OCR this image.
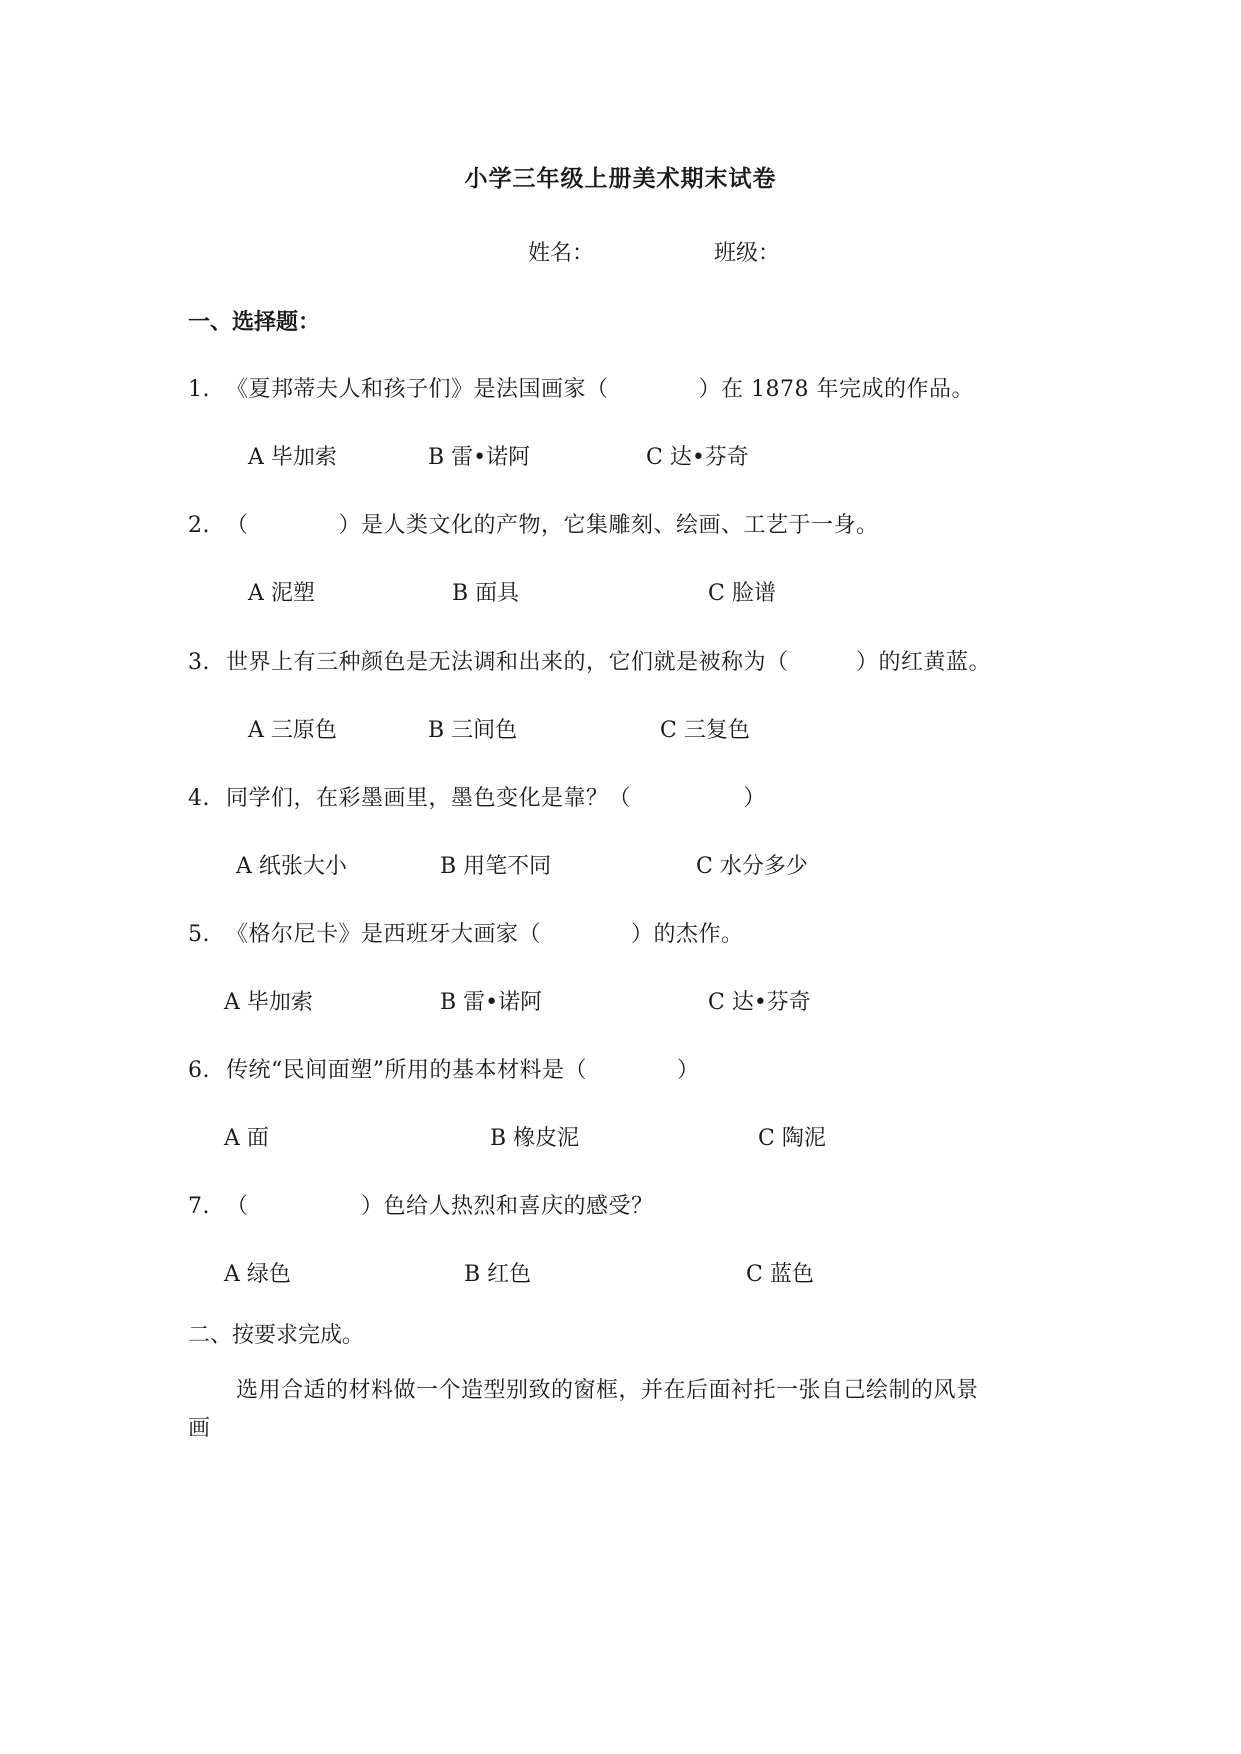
小学三年级上册美术期末试卷
姓名：	班级：
一、选择题：
1. 《夏邦蒂夫人和孩子们》是法国画家（　　　　）在 1878 年完成的作品。
A 毕加索	B 雷•诺阿	C 达•芬奇
2. （　　　　）是人类文化的产物，它集雕刻、绘画、工艺于一身。
A 泥塑	B 面具	C 脸谱
3. 世界上有三种颜色是无法调和出来的，它们就是被称为（　　　）的红黄蓝。
A 三原色	B 三间色	C 三复色
4. 同学们，在彩墨画里，墨色变化是靠？（　　　　　）
A 纸张大小	B 用笔不同	C 水分多少
5. 《格尔尼卡》是西班牙大画家（　　　　）的杰作。
A 毕加索	B 雷•诺阿	C 达•芬奇
6. 传统“民间面塑”所用的基本材料是（　　　　）
A 面	B 橡皮泥	C 陶泥
7. （　　　　　）色给人热烈和喜庆的感受？
A 绿色	B 红色	C 蓝色
二、按要求完成。
选用合适的材料做一个造型别致的窗框，并在后面衬托一张自己绘制的风景
画
